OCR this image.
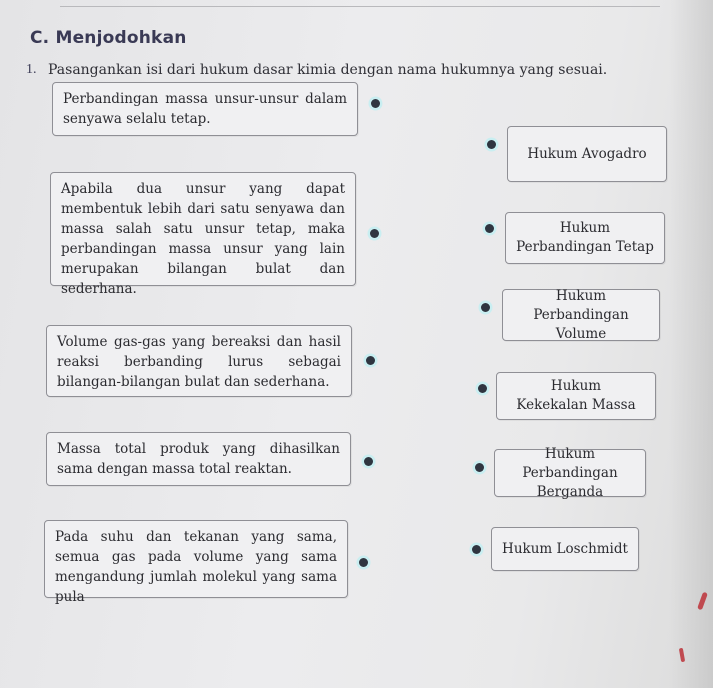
C. Menjodohkan
1. Pasangankan isi dari hukum dasar kimia dengan nama hukumnya yang sesuai.

Perbandingan massa unsur-unsur dalam senyawa selalu tetap.
Apabila dua unsur yang dapat membentuk lebih dari satu senyawa dan massa salah satu unsur tetap, maka perbandingan massa unsur yang lain merupakan bilangan bulat dan sederhana.
Volume gas-gas yang bereaksi dan hasil reaksi berbanding lurus sebagai bilangan-bilangan bulat dan sederhana.
Massa total produk yang dihasilkan sama dengan massa total reaktan.
Pada suhu dan tekanan yang sama, semua gas pada volume yang sama mengandung jumlah molekul yang sama pula
Hukum Avogadro
Hukum
Perbandingan Tetap
Hukum Perbandingan
Volume
Hukum
Kekekalan Massa
Hukum Perbandingan
Berganda
Hukum Loschmidt
